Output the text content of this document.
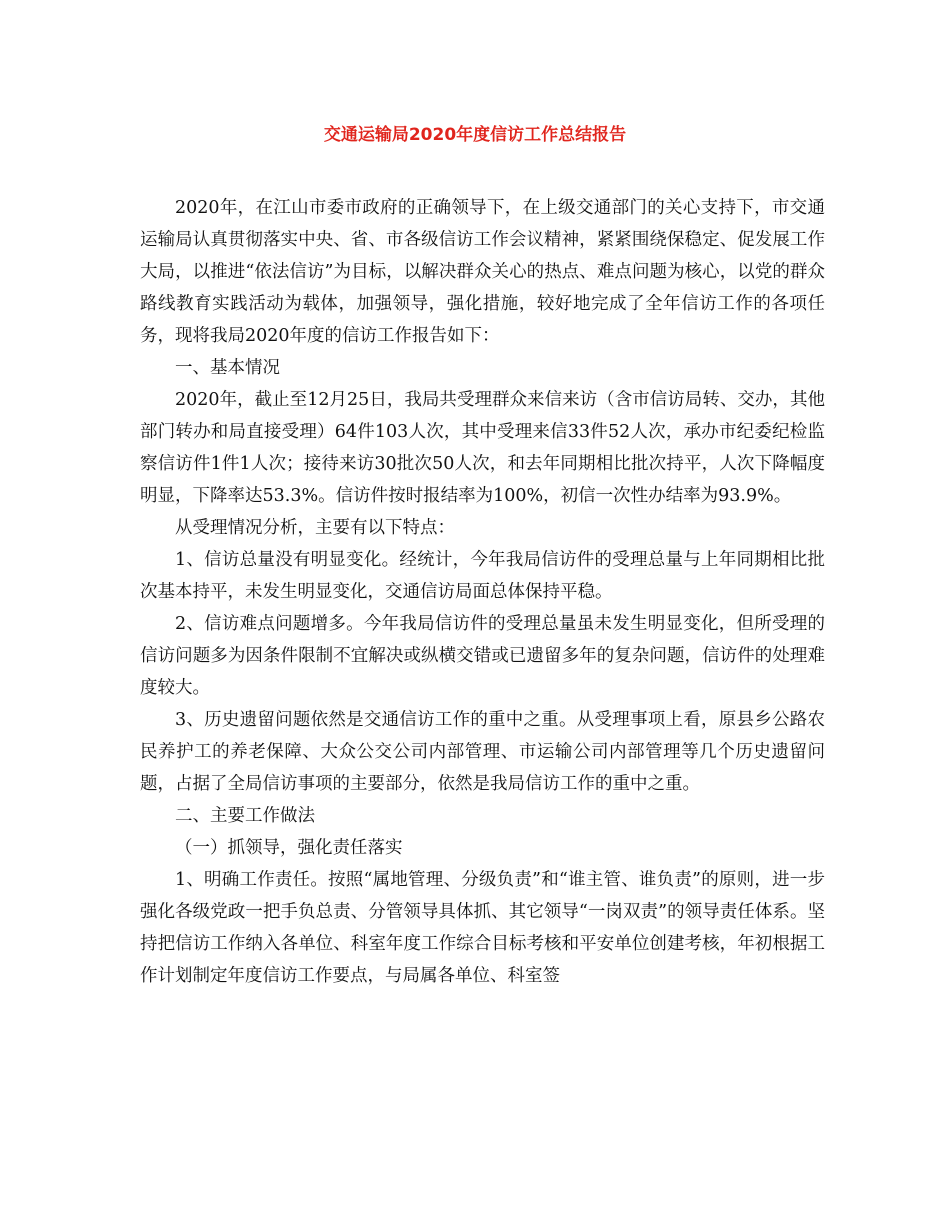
交通运输局2020年度信访工作总结报告

2020年，在江山市委市政府的正确领导下，在上级交通部门的关心支持下，市交通运输局认真贯彻落实中央、省、市各级信访工作会议精神，紧紧围绕保稳定、促发展工作大局，以推进“依法信访”为目标，以解决群众关心的热点、难点问题为核心，以党的群众路线教育实践活动为载体，加强领导，强化措施，较好地完成了全年信访工作的各项任务，现将我局2020年度的信访工作报告如下：

一、基本情况

2020年，截止至12月25日，我局共受理群众来信来访（含市信访局转、交办，其他部门转办和局直接受理）64件103人次，其中受理来信33件52人次，承办市纪委纪检监察信访件1件1人次；接待来访30批次50人次，和去年同期相比批次持平，人次下降幅度明显，下降率达53.3%。信访件按时报结率为100%，初信一次性办结率为93.9%。

从受理情况分析，主要有以下特点：

1、信访总量没有明显变化。经统计，今年我局信访件的受理总量与上年同期相比批次基本持平，未发生明显变化，交通信访局面总体保持平稳。

2、信访难点问题增多。今年我局信访件的受理总量虽未发生明显变化，但所受理的信访问题多为因条件限制不宜解决或纵横交错或已遗留多年的复杂问题，信访件的处理难度较大。

3、历史遗留问题依然是交通信访工作的重中之重。从受理事项上看，原县乡公路农民养护工的养老保障、大众公交公司内部管理、市运输公司内部管理等几个历史遗留问题，占据了全局信访事项的主要部分，依然是我局信访工作的重中之重。

二、主要工作做法

（一）抓领导，强化责任落实

1、明确工作责任。按照“属地管理、分级负责”和“谁主管、谁负责”的原则，进一步强化各级党政一把手负总责、分管领导具体抓、其它领导“一岗双责”的领导责任体系。坚持把信访工作纳入各单位、科室年度工作综合目标考核和平安单位创建考核，年初根据工作计划制定年度信访工作要点，与局属各单位、科室签
